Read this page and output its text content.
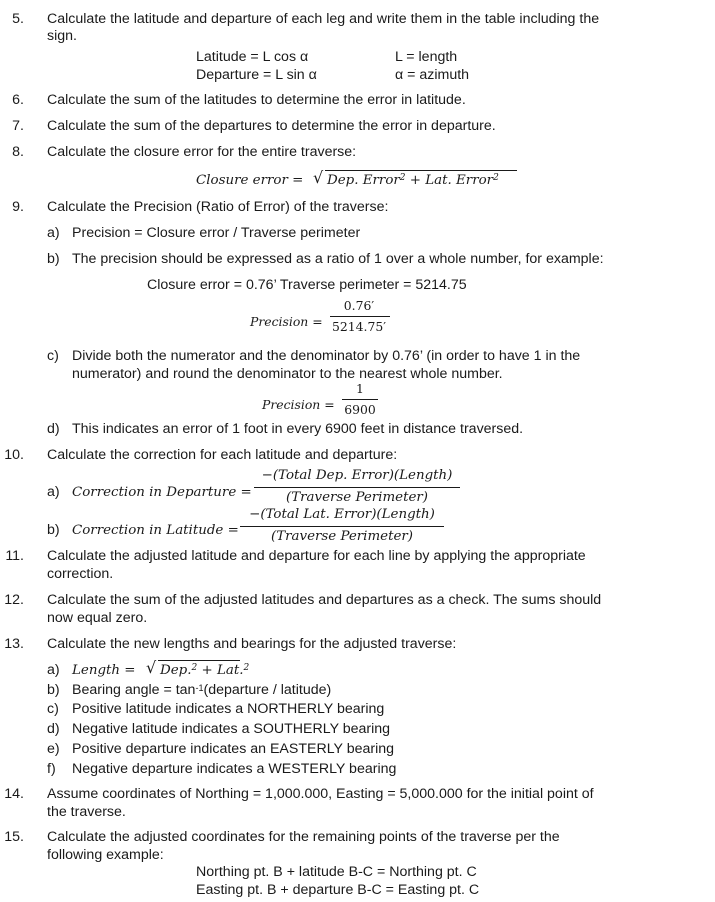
5. Calculate the latitude and departure of each leg and write them in the table including the
sign.
Latitude = L cos α
Departure = L sin α
L = length
α = azimuth
6. Calculate the sum of the latitudes to determine the error in latitude.
7. Calculate the sum of the departures to determine the error in departure.
8. Calculate the closure error for the entire traverse:
Closure error = √ Dep. Error$^2$ + Lat. Error$^2$
9. Calculate the Precision (Ratio of Error) of the traverse:
a) Precision = Closure error / Traverse perimeter
b) The precision should be expressed as a ratio of 1 over a whole number, for example:
Closure error = 0.76’ Traverse perimeter = 5214.75
Precision =
0.76′
5214.75′
c) Divide both the numerator and the denominator by 0.76’ (in order to have 1 in the
numerator) and round the denominator to the nearest whole number.
Precision =
1
6900
d) This indicates an error of 1 foot in every 6900 feet in distance traversed.
10. Calculate the correction for each latitude and departure:
a) Correction in Departure =
−(Total Dep. Error)(Length)
(Traverse Perimeter)
b) Correction in Latitude =
−(Total Lat. Error)(Length)
(Traverse Perimeter)
11. Calculate the adjusted latitude and departure for each line by applying the appropriate
correction.
12. Calculate the sum of the adjusted latitudes and departures as a check. The sums should
now equal zero.
13. Calculate the new lengths and bearings for the adjusted traverse:
a) Length = √ Dep.$^2$ + Lat.$^2$
b) Bearing angle = $\tan^{-1}(departure$ / latitude)
c) Positive latitude indicates a NORTHERLY bearing
d) Negative latitude indicates a SOUTHERLY bearing
e) Positive departure indicates an EASTERLY bearing
f) Negative departure indicates a WESTERLY bearing
14. Assume coordinates of Northing = 1,000.000, Easting = 5,000.000 for the initial point of
the traverse.
15. Calculate the adjusted coordinates for the remaining points of the traverse per the
following example:
Northing pt. B + latitude B-C = Northing pt. C
Easting pt. B + departure B-C = Easting pt. C
